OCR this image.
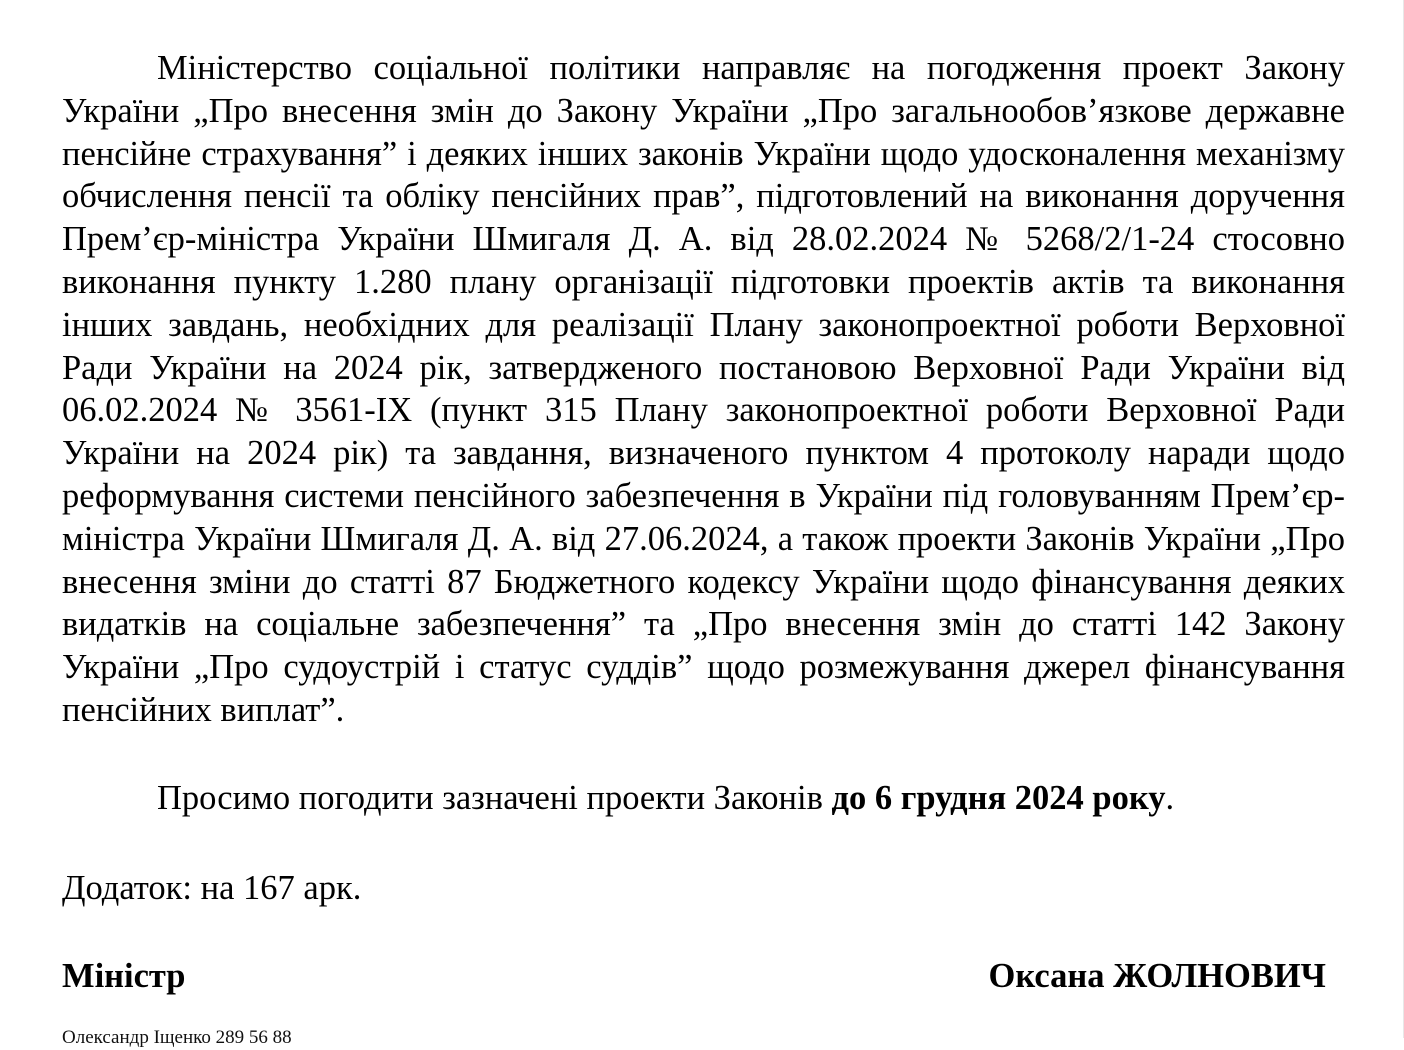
Міністерство соціальної політики направляє на погодження проект Закону України „Про внесення змін до Закону України „Про загальнообов’язкове державне пенсійне страхування” і деяких інших законів України щодо удосконалення механізму обчислення пенсії та обліку пенсійних прав”, підготовлений на виконання доручення Прем’єр-міністра України Шмигаля Д. А. від 28.02.2024 № 5268/2/1-24 стосовно виконання пункту 1.280 плану організації підготовки проектів актів та виконання інших завдань, необхідних для реалізації Плану законопроектної роботи Верховної Ради України на 2024 рік, затвердженого постановою Верховної Ради України від 06.02.2024 № 3561-IX (пункт 315 Плану законопроектної роботи Верховної Ради України на 2024 рік) та завдання, визначеного пунктом 4 протоколу наради щодо реформування системи пенсійного забезпечення в України під головуванням Прем’єр-міністра України Шмигаля Д. А. від 27.06.2024, а також проекти Законів України „Про внесення зміни до статті 87 Бюджетного кодексу України щодо фінансування деяких видатків на соціальне забезпечення” та „Про внесення змін до статті 142 Закону України „Про судоустрій і статус суддів” щодо розмежування джерел фінансування пенсійних виплат”.

Просимо погодити зазначені проекти Законів до 6 грудня 2024 року.

Додаток: на 167 арк.

Міністр	Оксана ЖОЛНОВИЧ

Олександр Іщенко 289 56 88
